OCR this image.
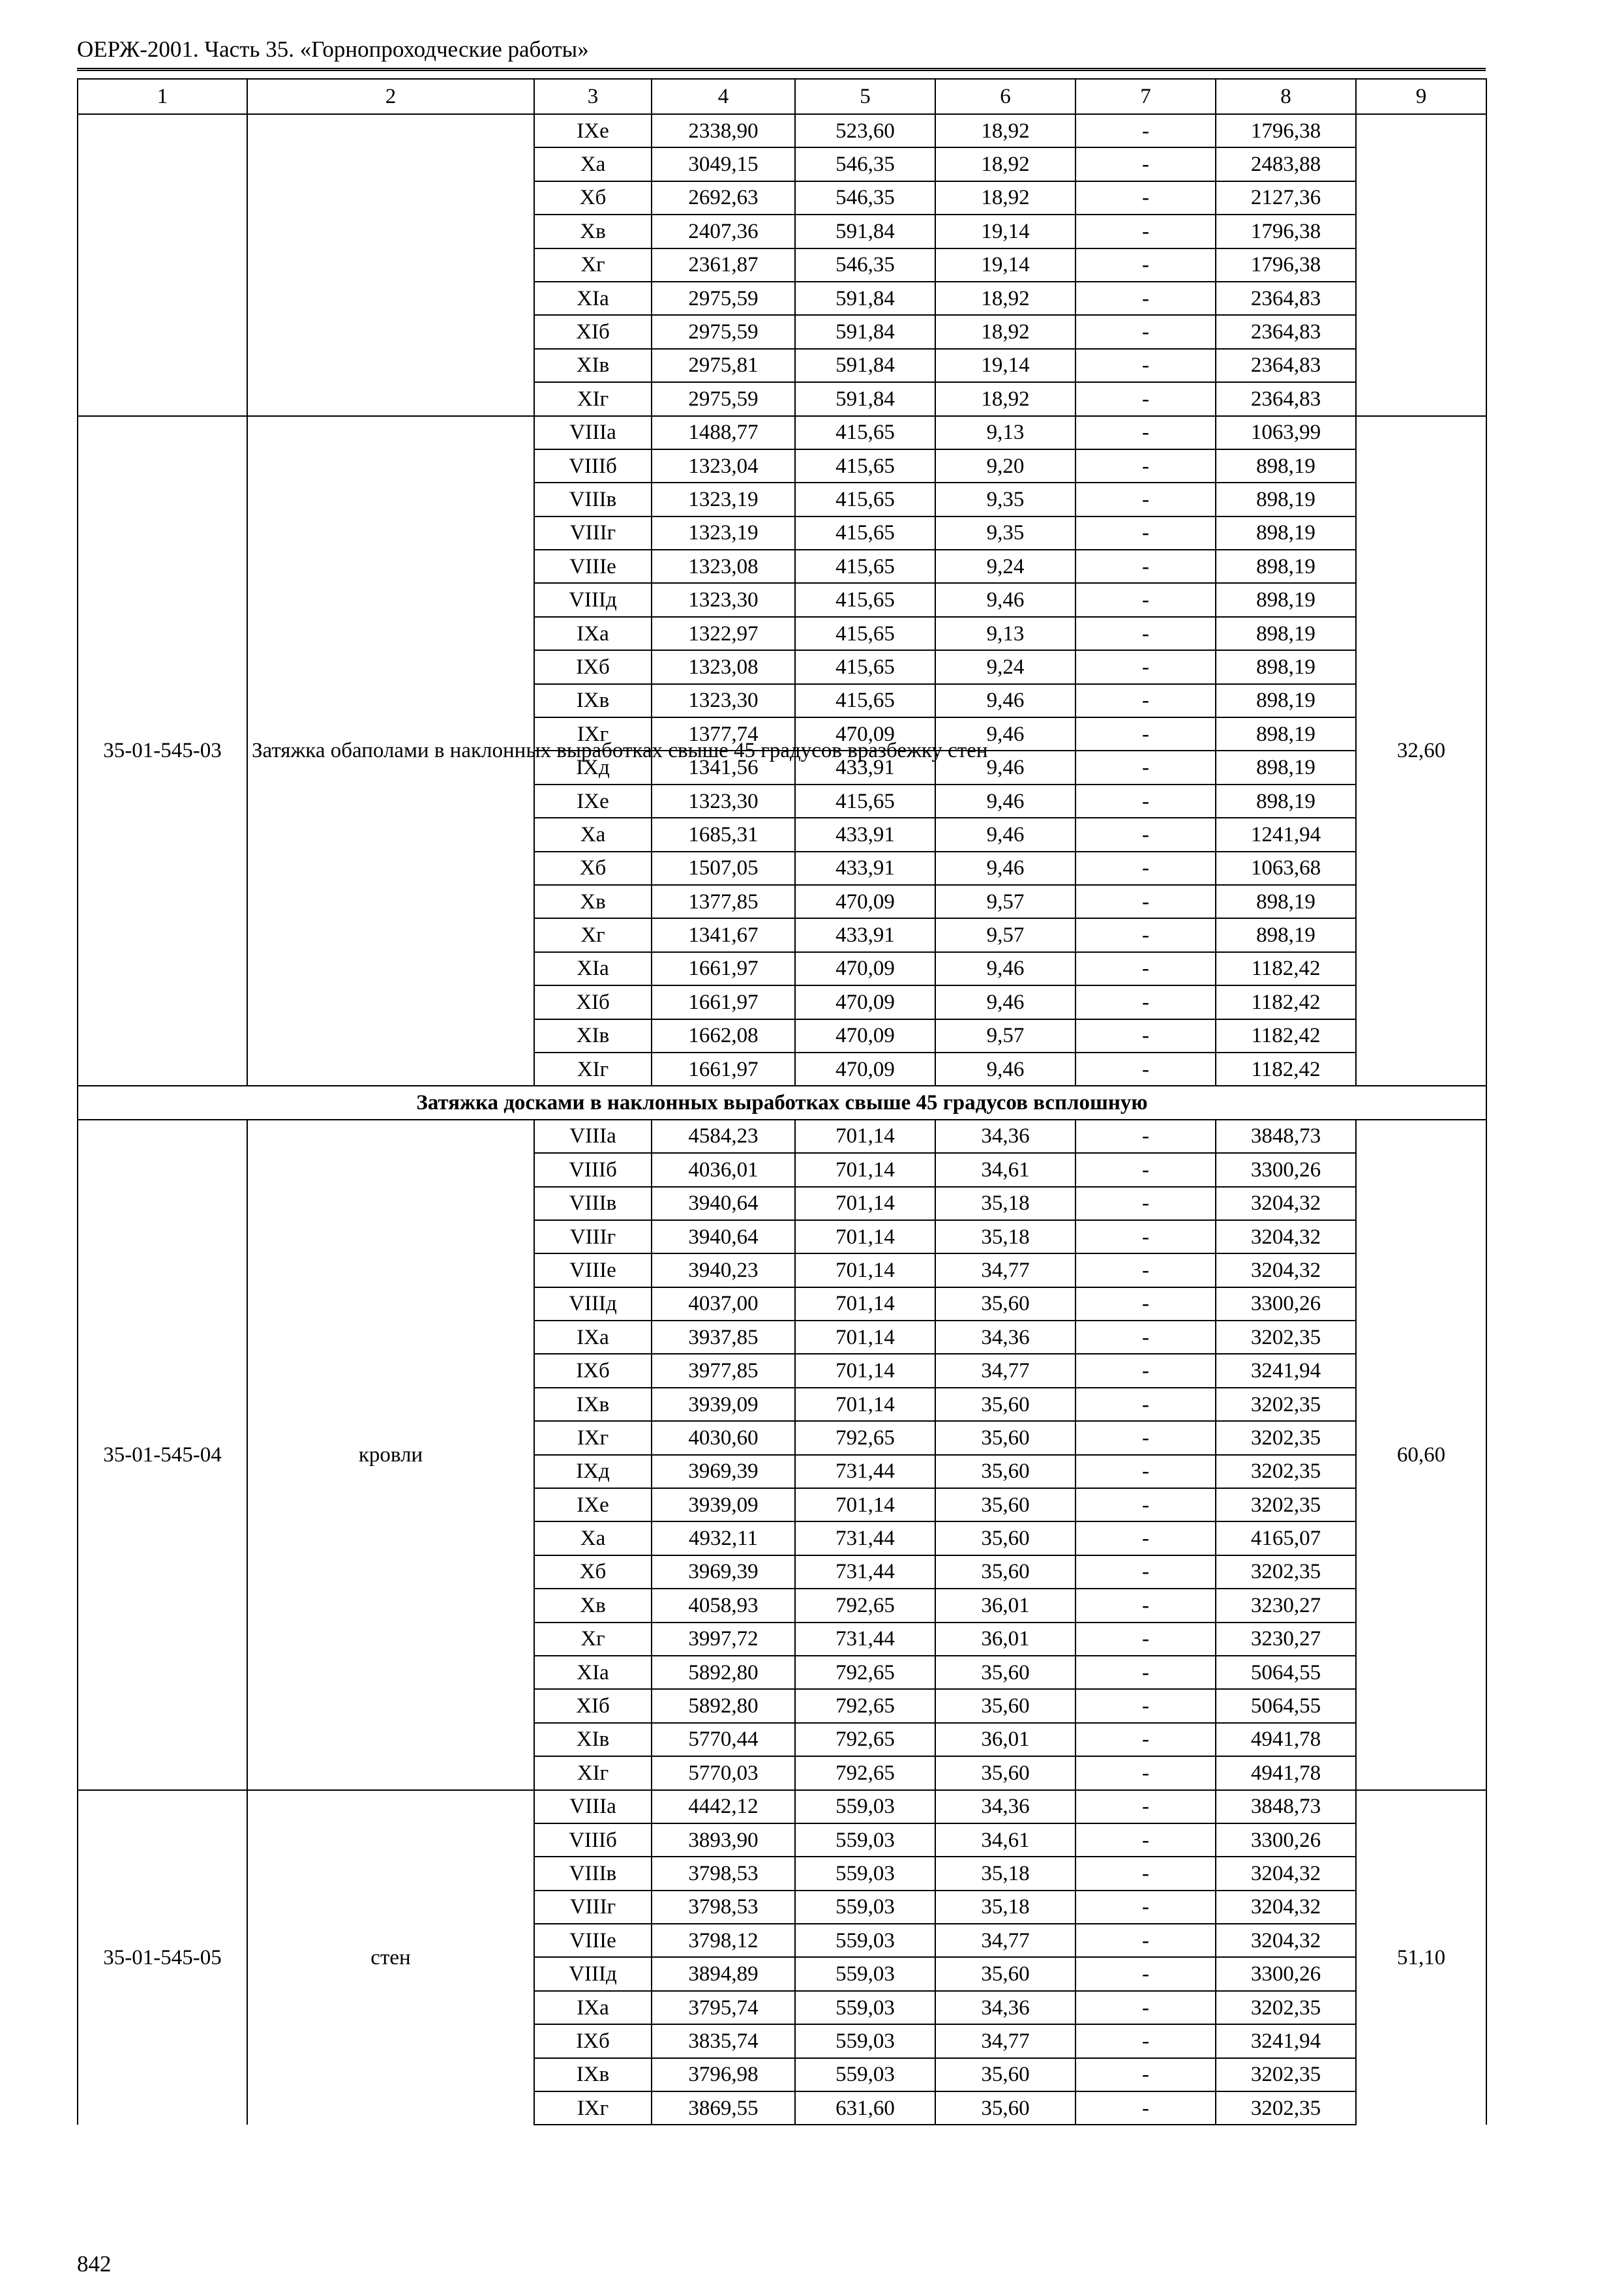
ОЕРЖ-2001. Часть 35. «Горнопроходческие работы»
1	2	3	4	5	6	7	8	9
		IXe	2338,90	523,60	18,92	-	1796,38	
		Xa	3049,15	546,35	18,92	-	2483,88	
		Xб	2692,63	546,35	18,92	-	2127,36	
		Xв	2407,36	591,84	19,14	-	1796,38	
		Xг	2361,87	546,35	19,14	-	1796,38	
		XIa	2975,59	591,84	18,92	-	2364,83	
		XIб	2975,59	591,84	18,92	-	2364,83	
		XIв	2975,81	591,84	19,14	-	2364,83	
		XIг	2975,59	591,84	18,92	-	2364,83	
35-01-545-03	Затяжка обаполами в наклонных выработках свыше 45 градусов вразбежку стен	VIIIa	1488,77	415,65	9,13	-	1063,99	32,60
		VIIIб	1323,04	415,65	9,20	-	898,19	
		VIIIв	1323,19	415,65	9,35	-	898,19	
		VIIIг	1323,19	415,65	9,35	-	898,19	
		VIIIe	1323,08	415,65	9,24	-	898,19	
		VIIIд	1323,30	415,65	9,46	-	898,19	
		IXa	1322,97	415,65	9,13	-	898,19	
		IXб	1323,08	415,65	9,24	-	898,19	
		IXв	1323,30	415,65	9,46	-	898,19	
		IXг	1377,74	470,09	9,46	-	898,19	
		IXд	1341,56	433,91	9,46	-	898,19	
		IXe	1323,30	415,65	9,46	-	898,19	
		Xa	1685,31	433,91	9,46	-	1241,94	
		Xб	1507,05	433,91	9,46	-	1063,68	
		Xв	1377,85	470,09	9,57	-	898,19	
		Xг	1341,67	433,91	9,57	-	898,19	
		XIa	1661,97	470,09	9,46	-	1182,42	
		XIб	1661,97	470,09	9,46	-	1182,42	
		XIв	1662,08	470,09	9,57	-	1182,42	
		XIг	1661,97	470,09	9,46	-	1182,42	
Затяжка досками в наклонных выработках свыше 45 градусов всплошную								
35-01-545-04	кровли	VIIIa	4584,23	701,14	34,36	-	3848,73	60,60
		VIIIб	4036,01	701,14	34,61	-	3300,26	
		VIIIв	3940,64	701,14	35,18	-	3204,32	
		VIIIг	3940,64	701,14	35,18	-	3204,32	
		VIIIe	3940,23	701,14	34,77	-	3204,32	
		VIIIд	4037,00	701,14	35,60	-	3300,26	
		IXa	3937,85	701,14	34,36	-	3202,35	
		IXб	3977,85	701,14	34,77	-	3241,94	
		IXв	3939,09	701,14	35,60	-	3202,35	
		IXг	4030,60	792,65	35,60	-	3202,35	
		IXд	3969,39	731,44	35,60	-	3202,35	
		IXe	3939,09	701,14	35,60	-	3202,35	
		Xa	4932,11	731,44	35,60	-	4165,07	
		Xб	3969,39	731,44	35,60	-	3202,35	
		Xв	4058,93	792,65	36,01	-	3230,27	
		Xг	3997,72	731,44	36,01	-	3230,27	
		XIa	5892,80	792,65	35,60	-	5064,55	
		XIб	5892,80	792,65	35,60	-	5064,55	
		XIв	5770,44	792,65	36,01	-	4941,78	
		XIг	5770,03	792,65	35,60	-	4941,78	
35-01-545-05	стен	VIIIa	4442,12	559,03	34,36	-	3848,73	51,10
		VIIIб	3893,90	559,03	34,61	-	3300,26	
		VIIIв	3798,53	559,03	35,18	-	3204,32	
		VIIIг	3798,53	559,03	35,18	-	3204,32	
		VIIIe	3798,12	559,03	34,77	-	3204,32	
		VIIIд	3894,89	559,03	35,60	-	3300,26	
		IXa	3795,74	559,03	34,36	-	3202,35	
		IXб	3835,74	559,03	34,77	-	3241,94	
		IXв	3796,98	559,03	35,60	-	3202,35	
		IXг	3869,55	631,60	35,60	-	3202,35	
842
